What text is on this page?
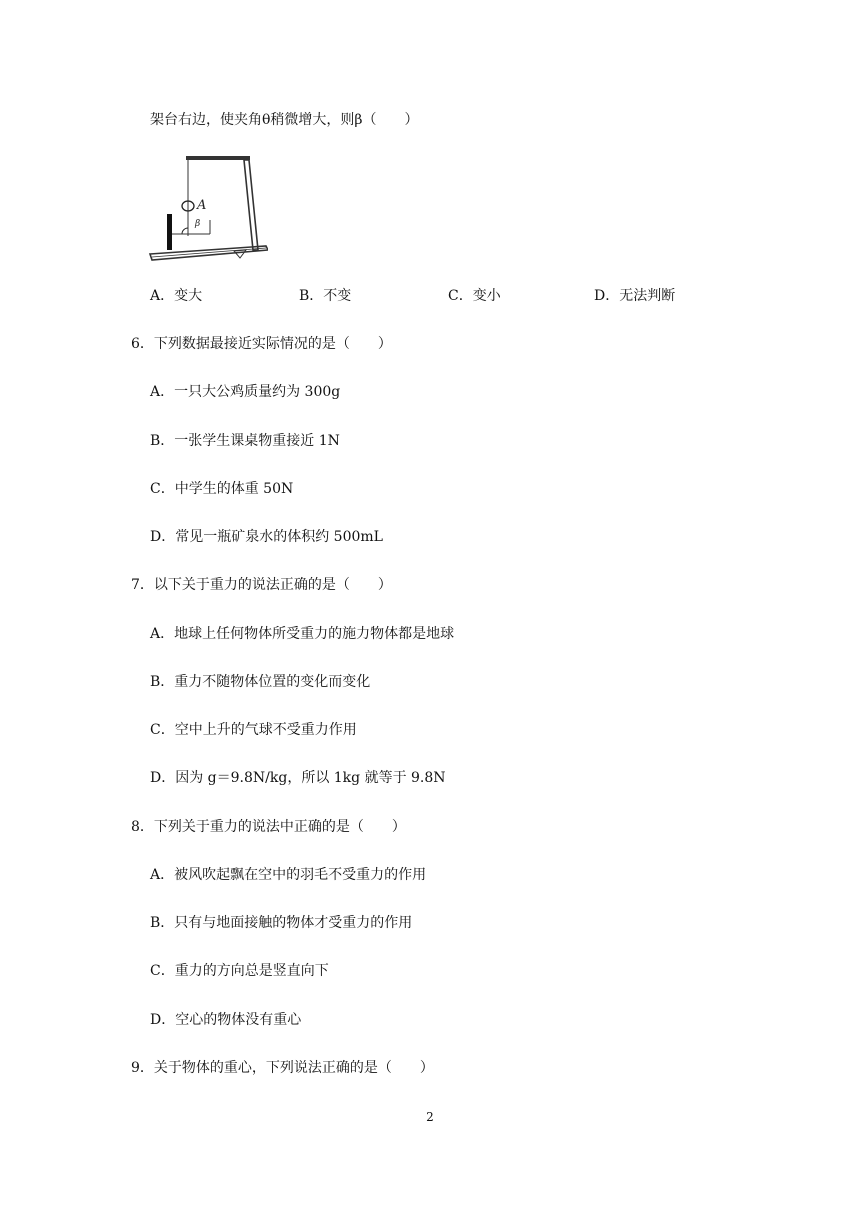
架台右边，使夹角θ稍微增大，则β（　　）
A
β
A．变大	B．不变	C．变小	D．无法判断
6．下列数据最接近实际情况的是（　　）
A．一只大公鸡质量约为 300g
B．一张学生课桌物重接近 1N
C．中学生的体重 50N
D．常见一瓶矿泉水的体积约 500mL
7．以下关于重力的说法正确的是（　　）
A．地球上任何物体所受重力的施力物体都是地球
B．重力不随物体位置的变化而变化
C．空中上升的气球不受重力作用
D．因为 g＝9.8N/kg，所以 1kg 就等于 9.8N
8．下列关于重力的说法中正确的是（　　）
A．被风吹起飘在空中的羽毛不受重力的作用
B．只有与地面接触的物体才受重力的作用
C．重力的方向总是竖直向下
D．空心的物体没有重心
9．关于物体的重心，下列说法正确的是（　　）
2
